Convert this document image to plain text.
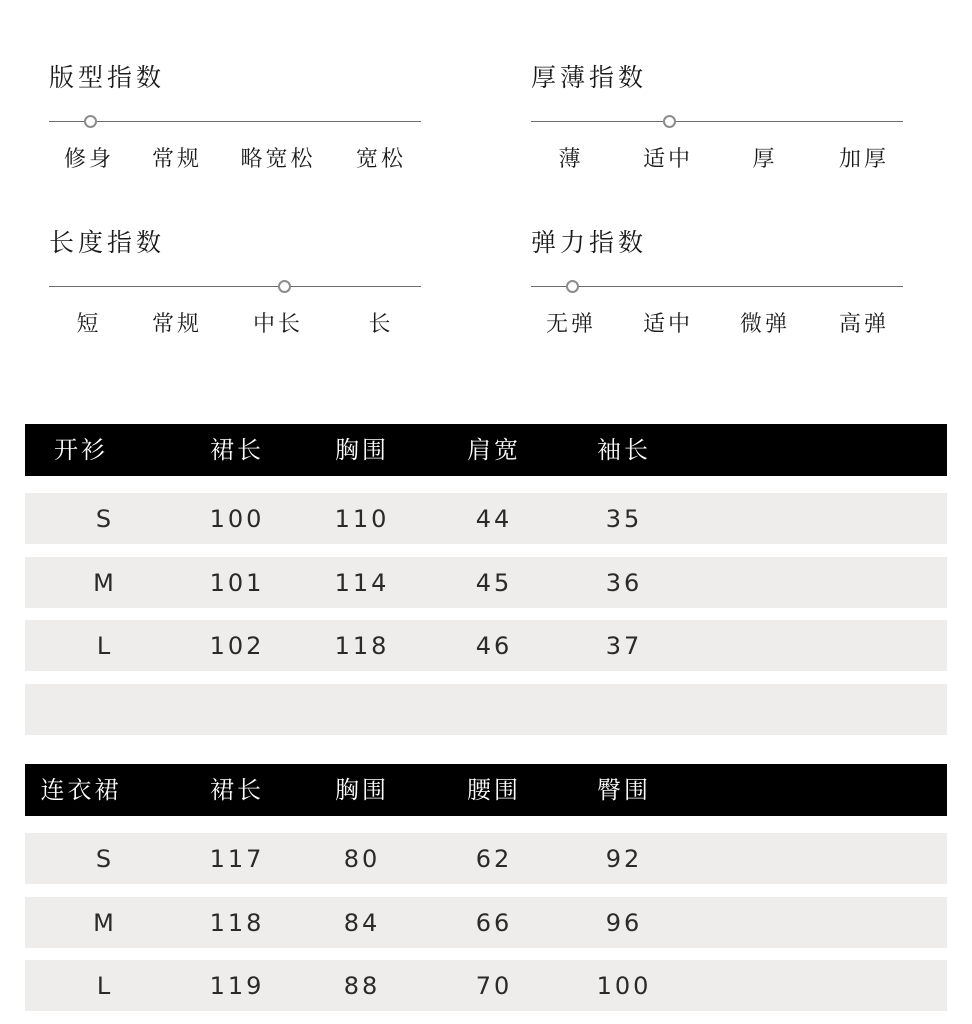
版型指数
修身 常规 略宽松 宽松
厚薄指数
薄	适中	厚	加厚
长度指数
短 常规 中长	长
弹力指数
无弹 适中 微弹 高弹
开衫	裙长	胸围	肩宽	袖长
S	100	110	44	35
M	101	114	45	36
L	102	118	46	37
连衣裙	裙长	胸围	腰围	臀围
S	117	80	62	92
M	118	84	66	96
L	119	88	70	100
